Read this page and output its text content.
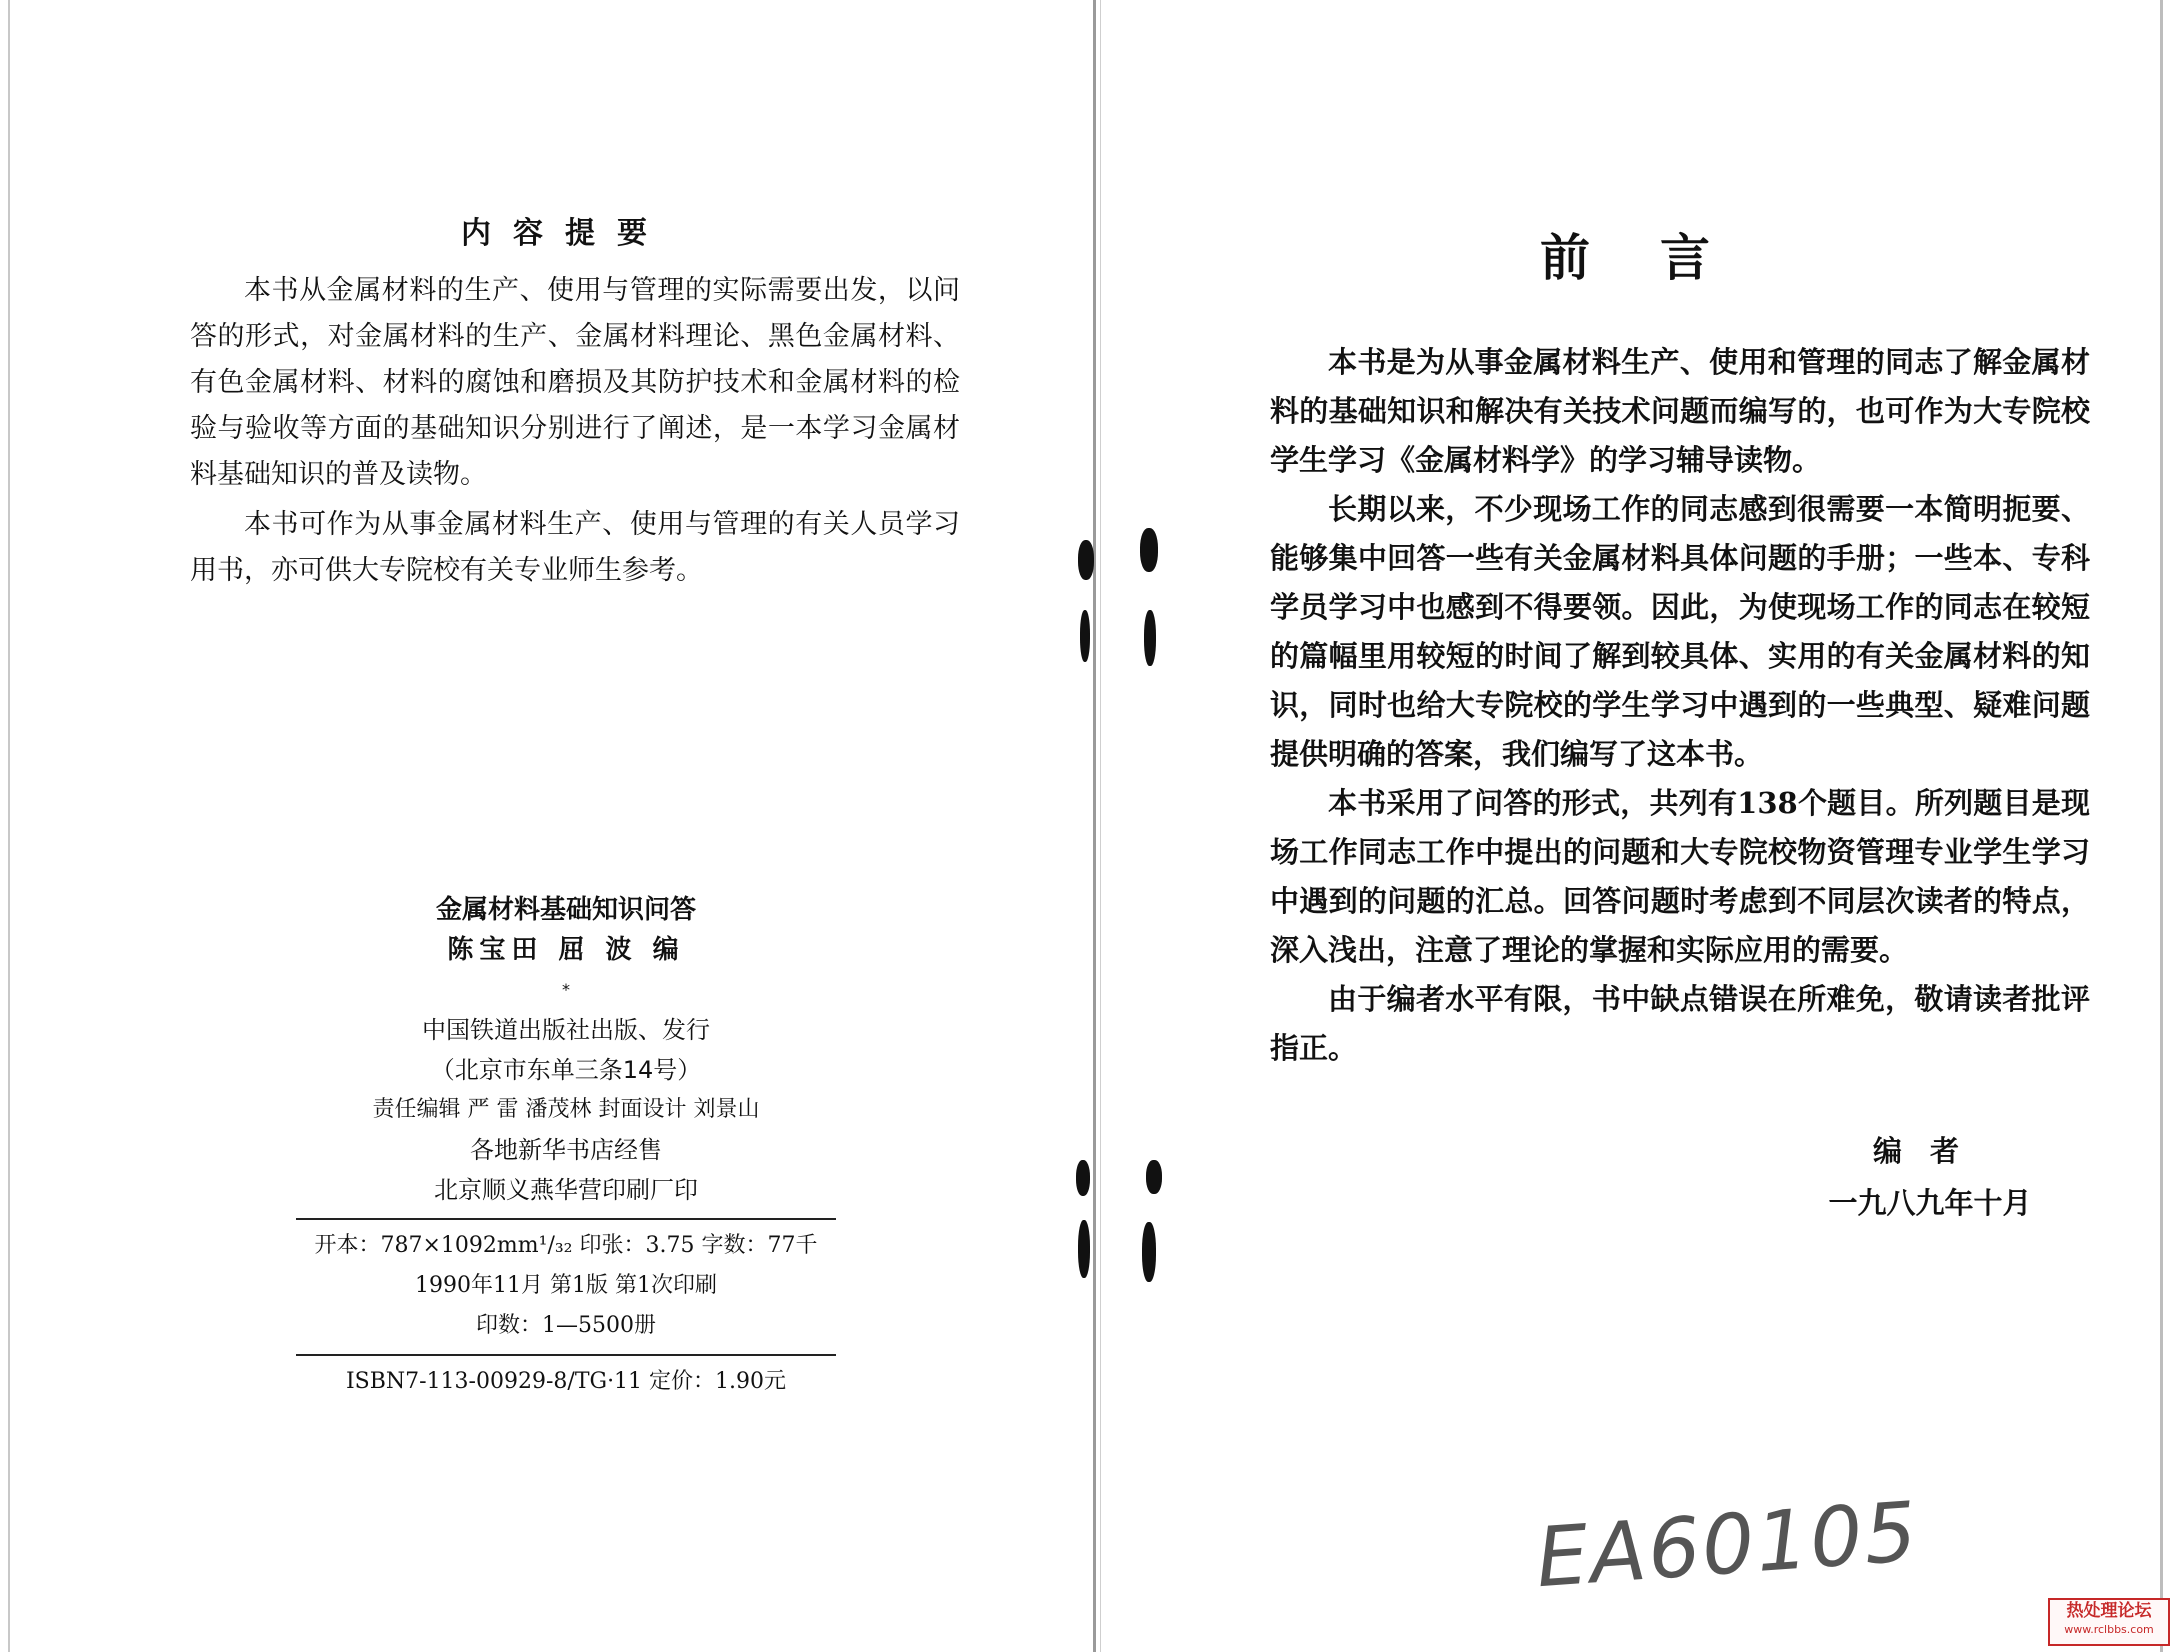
内容提要

本书从金属材料的生产、使用与管理的实际需要出发，以问答的形式，对金属材料的生产、金属材料理论、黑色金属材料、有色金属材料、材料的腐蚀和磨损及其防护技术和金属材料的检验与验收等方面的基础知识分别进行了阐述，是一本学习金属材料基础知识的普及读物。

本书可作为从事金属材料生产、使用与管理的有关人员学习用书，亦可供大专院校有关专业师生参考。

金属材料基础知识问答
陈宝田 屈 波 编
*
中国铁道出版社出版、发行
（北京市东单三条14号）
责任编辑 严 雷 潘茂林 封面设计 刘景山
各地新华书店经售
北京顺义燕华营印刷厂印
开本：787×1092mm¹/₃₂ 印张：3.75 字数：77千
1990年11月 第1版 第1次印刷
印数：1—5500册
ISBN7-113-00929-8/TG·11 定价：1.90元
前言

本书是为从事金属材料生产、使用和管理的同志了解金属材料的基础知识和解决有关技术问题而编写的，也可作为大专院校学生学习《金属材料学》的学习辅导读物。

长期以来，不少现场工作的同志感到很需要一本简明扼要、能够集中回答一些有关金属材料具体问题的手册；一些本、专科学员学习中也感到不得要领。因此，为使现场工作的同志在较短的篇幅里用较短的时间了解到较具体、实用的有关金属材料的知识，同时也给大专院校的学生学习中遇到的一些典型、疑难问题提供明确的答案，我们编写了这本书。

本书采用了问答的形式，共列有138个题目。所列题目是现场工作同志工作中提出的问题和大专院校物资管理专业学生学习中遇到的问题的汇总。回答问题时考虑到不同层次读者的特点，深入浅出，注意了理论的掌握和实际应用的需要。

由于编者水平有限，书中缺点错误在所难免，敬请读者批评指正。

编者
一九八九年十月
EA60105
热处理论坛
www.rclbbs.com
